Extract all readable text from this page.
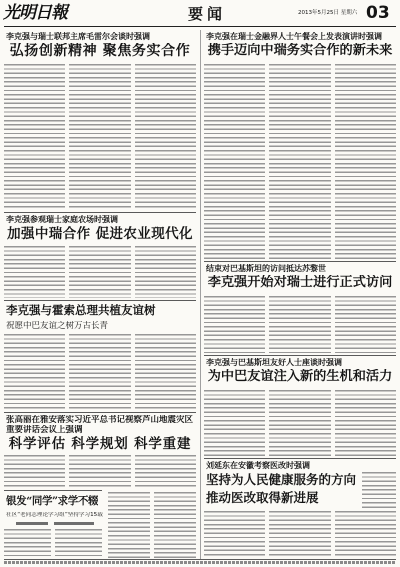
光明日報	要闻	2013年5月25日 星期六 03
李克强与瑞士联邦主席毛雷尔会谈时强调
弘扬创新精神 聚焦务实合作
李克强参观瑞士家庭农场时强调
加强中瑞合作 促进农业现代化
李克强与霍索总理共植友谊树
祝愿中巴友谊之树万古长青
张高丽在雅安落实习近平总书记视察芦山地震灾区
重要讲话会议上强调
科学评估 科学规划 科学重建
银发“同学”求学不辍
社区“老同志理论学习组”坚持学习15载
李克强在瑞士金融界人士午餐会上发表演讲时强调
携手迈向中瑞务实合作的新未来
结束对巴基斯坦的访问抵达苏黎世
李克强开始对瑞士进行正式访问
李克强与巴基斯坦友好人士座谈时强调
为中巴友谊注入新的生机和活力
刘延东在安徽考察医改时强调
坚持为人民健康服务的方向
推动医改取得新进展
